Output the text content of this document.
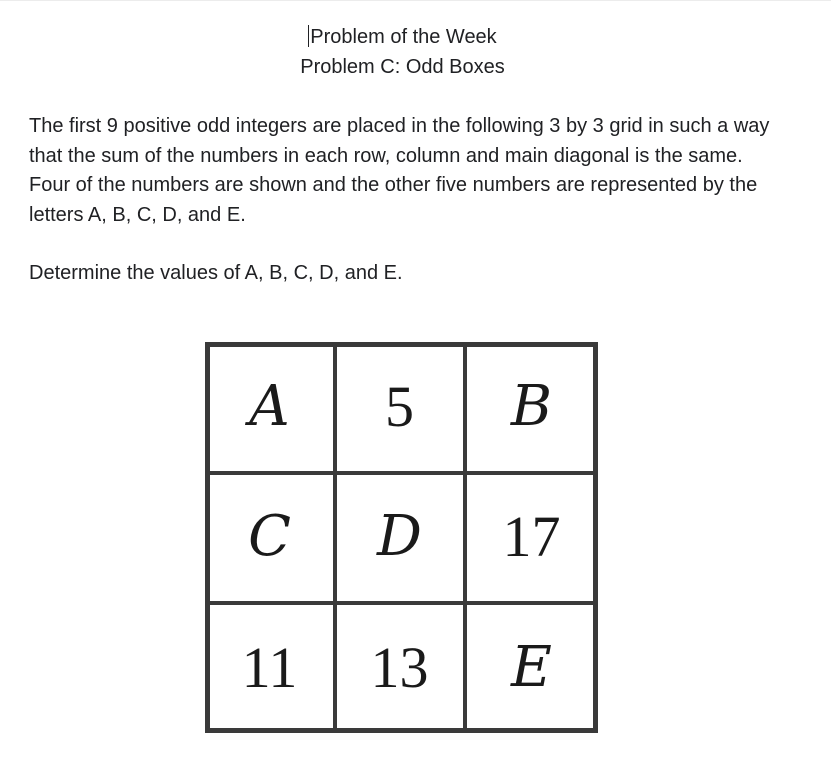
Problem of the Week
Problem C: Odd Boxes

The first 9 positive odd integers are placed in the following 3 by 3 grid in such a way that the sum of the numbers in each row, column and main diagonal is the same. Four of the numbers are shown and the other five numbers are represented by the letters A, B, C, D, and E.

Determine the values of A, B, C, D, and E.

A	5	B
C	D	17
11	13	E
